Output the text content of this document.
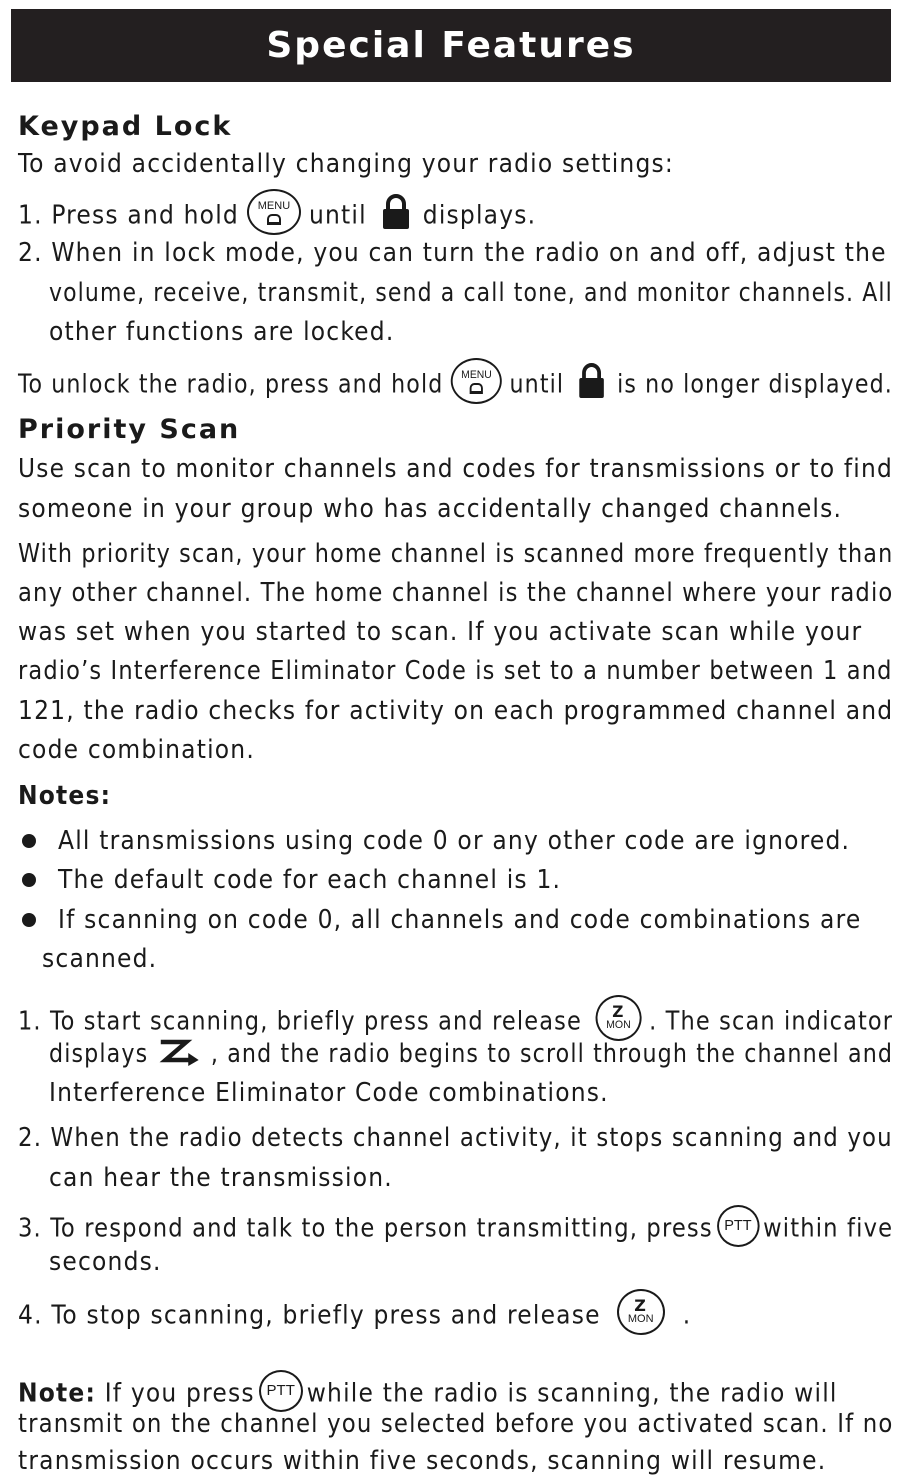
Special Features
Keypad Lock
To avoid accidentally changing your radio settings:
1. Press and hold	MENU until displays.
2. When in lock mode, you can turn the radio on and off, adjust the
volume, receive, transmit, send a call tone, and monitor channels. All
other functions are locked.
To unlock the radio, press and hold	MENU until is no longer displayed.
Priority Scan
Use scan to monitor channels and codes for transmissions or to find
someone in your group who has accidentally changed channels.
With priority scan, your home channel is scanned more frequently than
any other channel. The home channel is the channel where your radio
was set when you started to scan. If you activate scan while your
radio’s Interference Eliminator Code is set to a number between 1 and
121, the radio checks for activity on each programmed channel and
code combination.
Notes:
All transmissions using code 0 or any other code are ignored.
The default code for each channel is 1.
If scanning on code 0, all channels and code combinations are
scanned.
1. To start scanning, briefly press and release	Z
MON . The scan indicator
displays , and the radio begins to scroll through the channel and
Interference Eliminator Code combinations.
2. When the radio detects channel activity, it stops scanning and you
can hear the transmission.
3. To respond and talk to the person transmitting, press PTT within five
seconds.
4. To stop scanning, briefly press and release	Z
MON	.
Note: If you press PTT while the radio is scanning, the radio will
transmit on the channel you selected before you activated scan. If no
transmission occurs within five seconds, scanning will resume.
